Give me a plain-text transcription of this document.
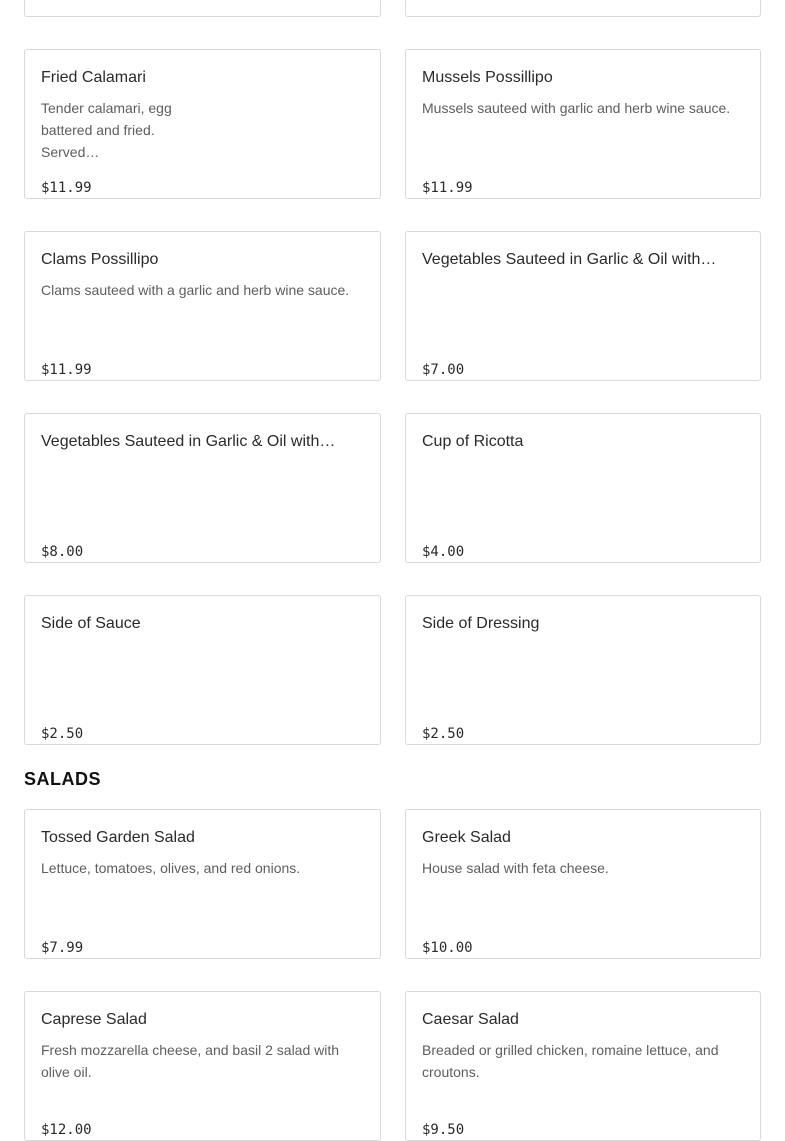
Fried Calamari
Tender calamari, egg battered and fried. Served…
$11.99
Mussels Possillipo
Mussels sauteed with garlic and herb wine sauce.
$11.99
Clams Possillipo
Clams sauteed with a garlic and herb wine sauce.
$11.99
Vegetables Sauteed in Garlic & Oil with…
$7.00
Vegetables Sauteed in Garlic & Oil with…
$8.00
Cup of Ricotta
$4.00
Side of Sauce
$2.50
Side of Dressing
$2.50
SALADS
Tossed Garden Salad
Lettuce, tomatoes, olives, and red onions.
$7.99
Greek Salad
House salad with feta cheese.
$10.00
Caprese Salad
Fresh mozzarella cheese, and basil 2 salad with olive oil.
$12.00
Caesar Salad
Breaded or grilled chicken, romaine lettuce, and croutons.
$9.50
